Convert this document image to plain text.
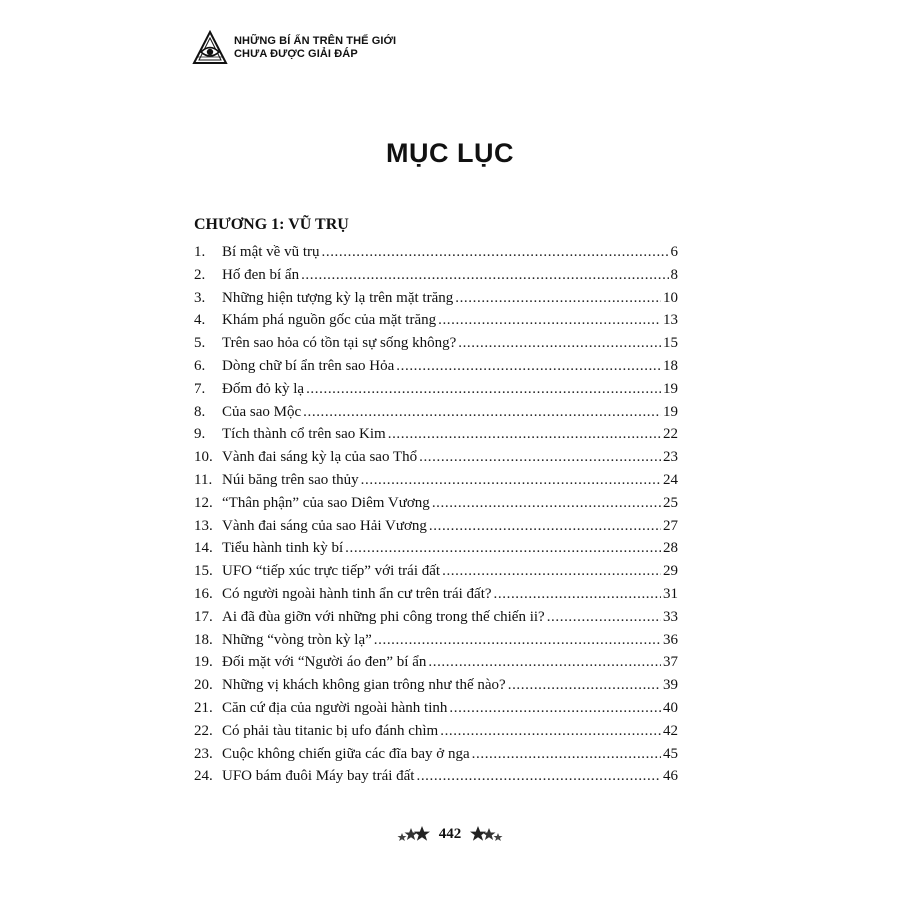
NHỮNG BÍ ẨN TRÊN THẾ GIỚI
CHƯA ĐƯỢC GIẢI ĐÁP
MỤC LỤC
CHƯƠNG 1: VŨ TRỤ
1.	Bí mật về vũ trụ .....	6
2.	Hố đen bí ẩn .....	8
3.	Những hiện tượng kỳ lạ trên mặt trăng .....	10
4.	Khám phá nguồn gốc của mặt trăng .....	13
5.	Trên sao hỏa có tồn tại sự sống không? .....	15
6.	Dòng chữ bí ẩn trên sao Hỏa .....	18
7.	Đốm đỏ kỳ lạ .....	19
8.	Của sao Mộc .....	19
9.	Tích thành cổ trên sao Kim .....	22
10. Vành đai sáng kỳ lạ của sao Thổ .....	23
11. Núi băng trên sao thủy .....	24
12. “Thân phận” của sao Diêm Vương .....	25
13. Vành đai sáng của sao Hải Vương .....	27
14. Tiểu hành tinh kỳ bí .....	28
15. UFO “tiếp xúc trực tiếp” với trái đất .....	29
16. Có người ngoài hành tinh ẩn cư trên trái đất? .....	31
17. Ai đã đùa giỡn với những phi công trong thế chiến ii? .....	33
18. Những “vòng tròn kỳ lạ” .....	36
19. Đối mặt với “Người áo đen” bí ẩn .....	37
20. Những vị khách không gian trông như thế nào? .....	39
21. Căn cứ địa của người ngoài hành tinh .....	40
22. Có phải tàu titanic bị ufo đánh chìm .....	42
23. Cuộc không chiến giữa các đĩa bay ở nga .....	45
24. UFO bám đuôi Máy bay trái đất .....	46
442
